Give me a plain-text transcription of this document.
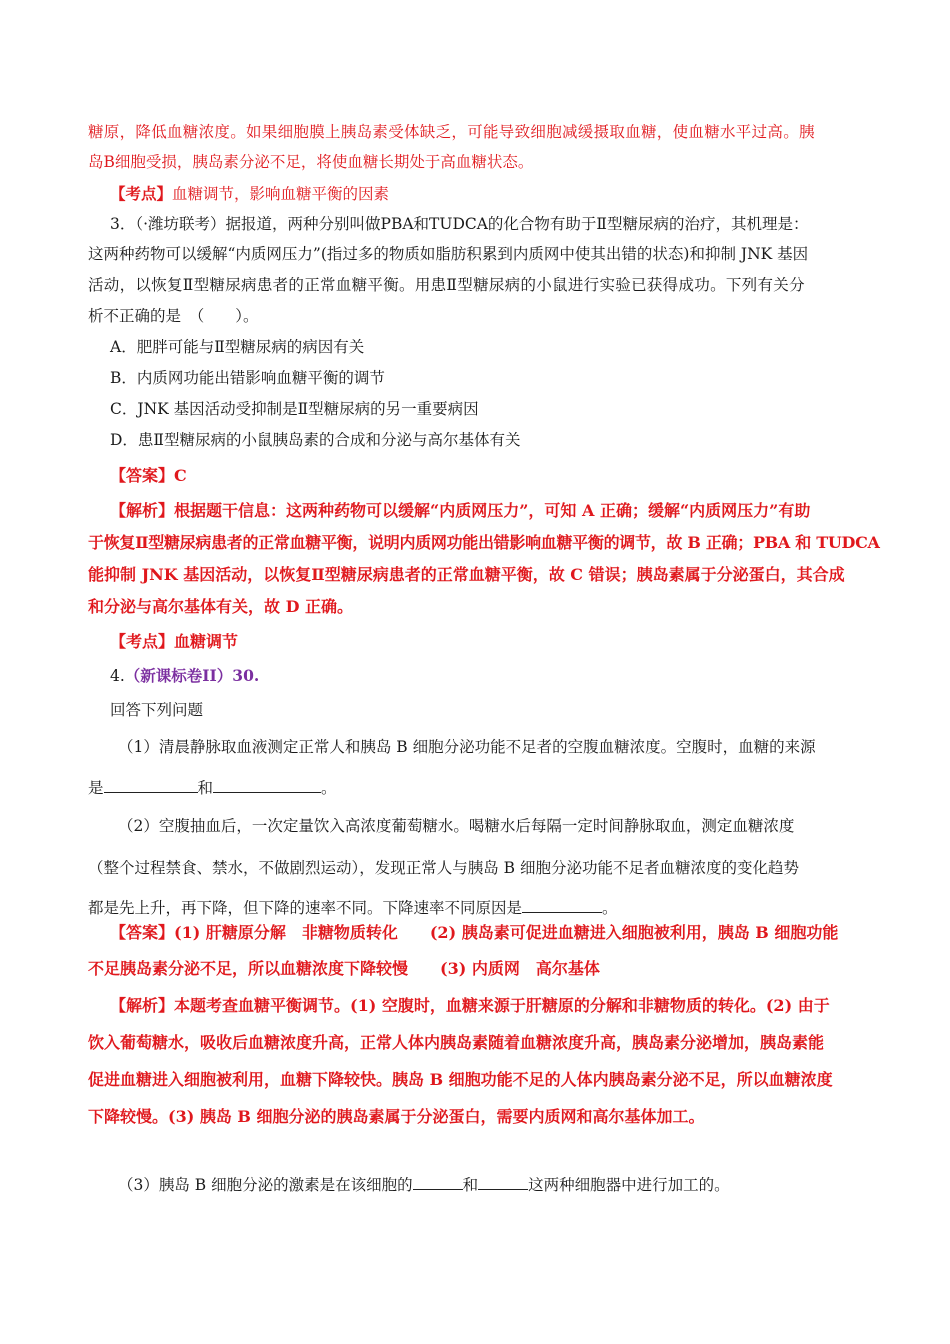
糖原，降低血糖浓度。如果细胞膜上胰岛素受体缺乏，可能导致细胞减缓摄取血糖，使血糖水平过高。胰
岛B细胞受损，胰岛素分泌不足，将使血糖长期处于高血糖状态。
【考点】血糖调节，影响血糖平衡的因素
3．（·潍坊联考）据报道，两种分别叫做PBA和TUDCA的化合物有助于Ⅱ型糖尿病的治疗，其机理是：
这两种药物可以缓解“内质网压力”(指过多的物质如脂肪积累到内质网中使其出错的状态)和抑制 JNK 基因
活动，以恢复Ⅱ型糖尿病患者的正常血糖平衡。用患Ⅱ型糖尿病的小鼠进行实验已获得成功。下列有关分
析不正确的是　（　　）。
A．肥胖可能与Ⅱ型糖尿病的病因有关
B．内质网功能出错影响血糖平衡的调节
C．JNK 基因活动受抑制是Ⅱ型糖尿病的另一重要病因
D．患Ⅱ型糖尿病的小鼠胰岛素的合成和分泌与高尔基体有关
【答案】C
【解析】根据题干信息：这两种药物可以缓解“内质网压力”，可知 A 正确；缓解“内质网压力”有助
于恢复Ⅱ型糖尿病患者的正常血糖平衡，说明内质网功能出错影响血糖平衡的调节，故 B 正确；PBA 和 TUDCA
能抑制 JNK 基因活动，以恢复Ⅱ型糖尿病患者的正常血糖平衡，故 C 错误；胰岛素属于分泌蛋白，其合成
和分泌与高尔基体有关，故 D 正确。
【考点】血糖调节
4.（新课标卷II）30.
回答下列问题
（1）清晨静脉取血液测定正常人和胰岛 B 细胞分泌功能不足者的空腹血糖浓度。空腹时，血糖的来源
是	和	。
（2）空腹抽血后，一次定量饮入高浓度葡萄糖水。喝糖水后每隔一定时间静脉取血，测定血糖浓度
（整个过程禁食、禁水，不做剧烈运动），发现正常人与胰岛 B 细胞分泌功能不足者血糖浓度的变化趋势
都是先上升，再下降，但下降的速率不同。下降速率不同原因是	。
【答案】(1) 肝糖原分解　非糖物质转化　　(2) 胰岛素可促进血糖进入细胞被利用，胰岛 B 细胞功能
不足胰岛素分泌不足，所以血糖浓度下降较慢　　(3) 内质网　高尔基体
【解析】本题考查血糖平衡调节。(1) 空腹时，血糖来源于肝糖原的分解和非糖物质的转化。(2) 由于
饮入葡萄糖水，吸收后血糖浓度升高，正常人体内胰岛素随着血糖浓度升高，胰岛素分泌增加，胰岛素能
促进血糖进入细胞被利用，血糖下降较快。胰岛 B 细胞功能不足的人体内胰岛素分泌不足，所以血糖浓度
下降较慢。(3) 胰岛 B 细胞分泌的胰岛素属于分泌蛋白，需要内质网和高尔基体加工。
（3）胰岛 B 细胞分泌的激素是在该细胞的	和	这两种细胞器中进行加工的。
